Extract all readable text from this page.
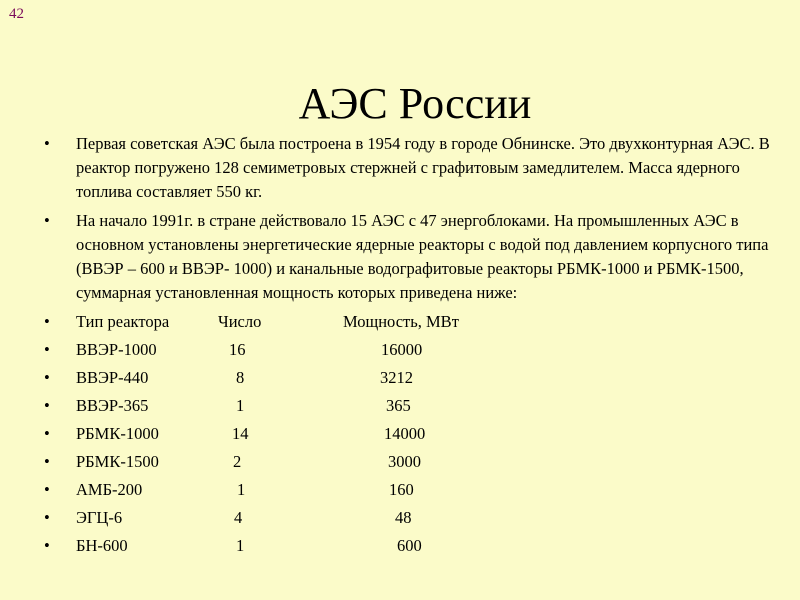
42
АЭС России
• Первая советская АЭС была построена в 1954 году в городе Обнинске. Это двухконтурная АЭС. В реактор погружено 128 семиметровых стержней с графитовым замедлителем. Масса ядерного топлива составляет 550 кг.
• На начало 1991г. в стране действовало 15 АЭС с 47 энергоблоками. На промышленных АЭС в основном установлены энергетические ядерные реакторы с водой под давлением корпусного типа (ВВЭР – 600 и ВВЭР- 1000) и канальные водографитовые реакторы РБМК-1000 и РБМК-1500, суммарная установленная мощность которых приведена ниже:
• Тип реактора	Число	Мощность, МВт
• ВВЭР-1000	16	16000
• ВВЭР-440	8	3212
• ВВЭР-365	1	365
• РБМК-1000	14	14000
• РБМК-1500	2	3000
• АМБ-200	1	160
• ЭГЦ-6	4	48
• БН-600	1	600
